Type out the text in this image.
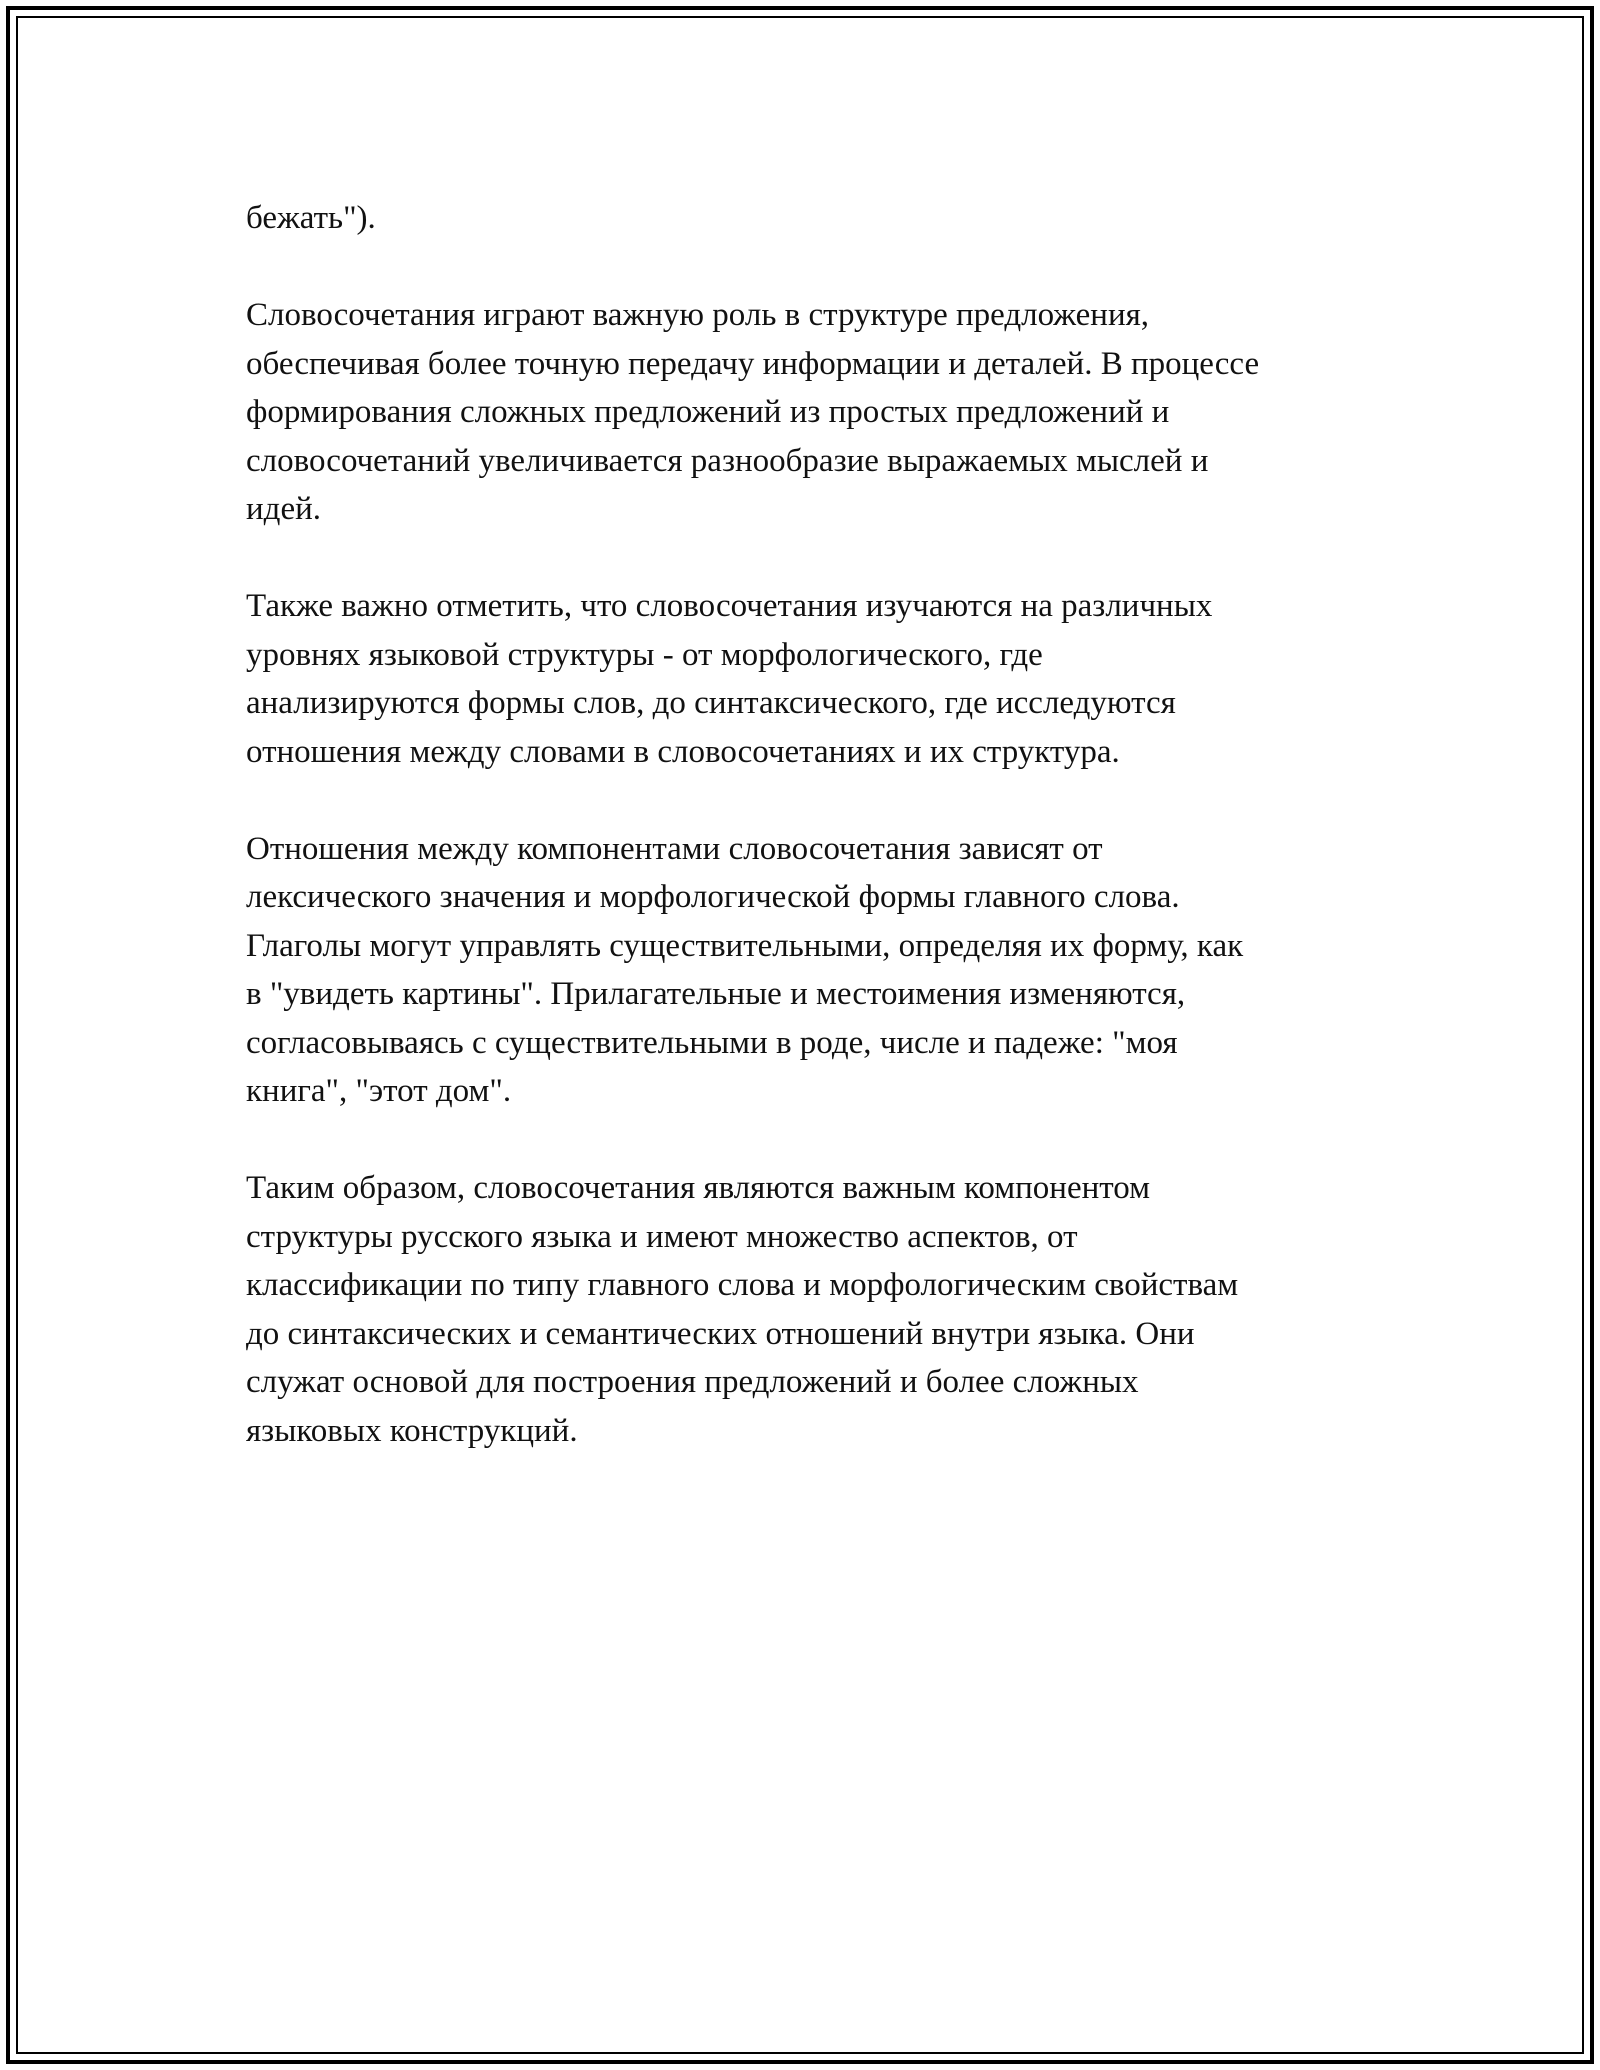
бежать").

Словосочетания играют важную роль в структуре предложения,
обеспечивая более точную передачу информации и деталей. В процессе
формирования сложных предложений из простых предложений и
словосочетаний увеличивается разнообразие выражаемых мыслей и
идей.

Также важно отметить, что словосочетания изучаются на различных
уровнях языковой структуры - от морфологического, где
анализируются формы слов, до синтаксического, где исследуются
отношения между словами в словосочетаниях и их структура.

Отношения между компонентами словосочетания зависят от
лексического значения и морфологической формы главного слова.
Глаголы могут управлять существительными, определяя их форму, как
в "увидеть картины". Прилагательные и местоимения изменяются,
согласовываясь с существительными в роде, числе и падеже: "моя
книга", "этот дом".

Таким образом, словосочетания являются важным компонентом
структуры русского языка и имеют множество аспектов, от
классификации по типу главного слова и морфологическим свойствам
до синтаксических и семантических отношений внутри языка. Они
служат основой для построения предложений и более сложных
языковых конструкций.
